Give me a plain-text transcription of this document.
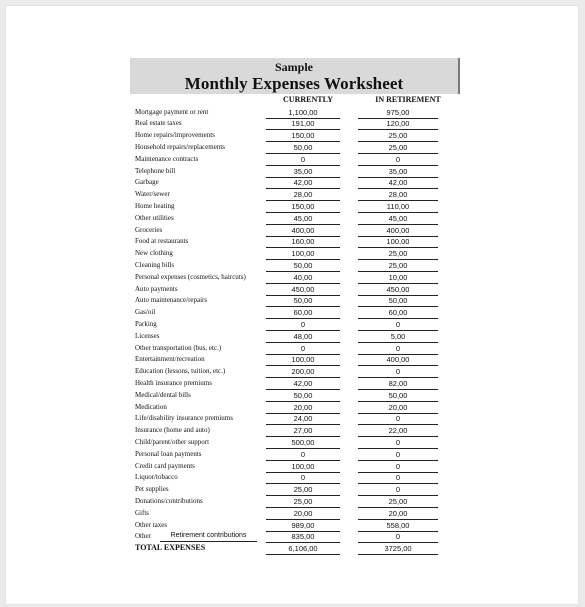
Sample
Monthly Expenses Worksheet
CURRENTLY	IN RETIREMENT
Mortgage payment or rent	1,100,00	975,00
Real estate taxes	191,00	120,00
Home repairs/improvements	150,00	25,00
Household repairs/replacements	50,00	25,00
Maintenance contracts	0	0
Telephone bill	35,00	35,00
Garbage	42,00	42,00
Water/sewer	28,00	28,00
Home heating	150,00	110,00
Other utilities	45,00	45,00
Groceries	400,00	400,00
Food at restaurants	160,00	100,00
New clothing	100,00	25,00
Cleaning bills	50,00	25,00
Personal expenses (cosmetics, haircuts)	40,00	10,00
Auto payments	450,00	450,00
Auto maintenance/repairs	50,00	50,00
Gas/oil	60,00	60,00
Parking	0	0
Licenses	48,00	5,00
Other transportation (bus, etc.)	0	0
Entertainment/recreation	100,00	400,00
Education (lessons, tuition, etc.)	200,00	0
Health insurance premiums	42,00	82,00
Medical/dental bills	50,00	50,00
Medication	20,00	20,00
Life/disability insurance premiums	24,00	0
Insurance (home and auto)	27,00	22,00
Child/parent/other support	500,00	0
Personal loan payments	0	0
Credit card payments	100,00	0
Liquor/tobacco	0	0
Pet supplies	25,00	0
Donations/contributions	25,00	25,00
Gifts	20,00	20,00
Other taxes	989,00	558,00
Other	Retirement contributions	835,00	0
TOTAL EXPENSES	6,106,00	3725,00
